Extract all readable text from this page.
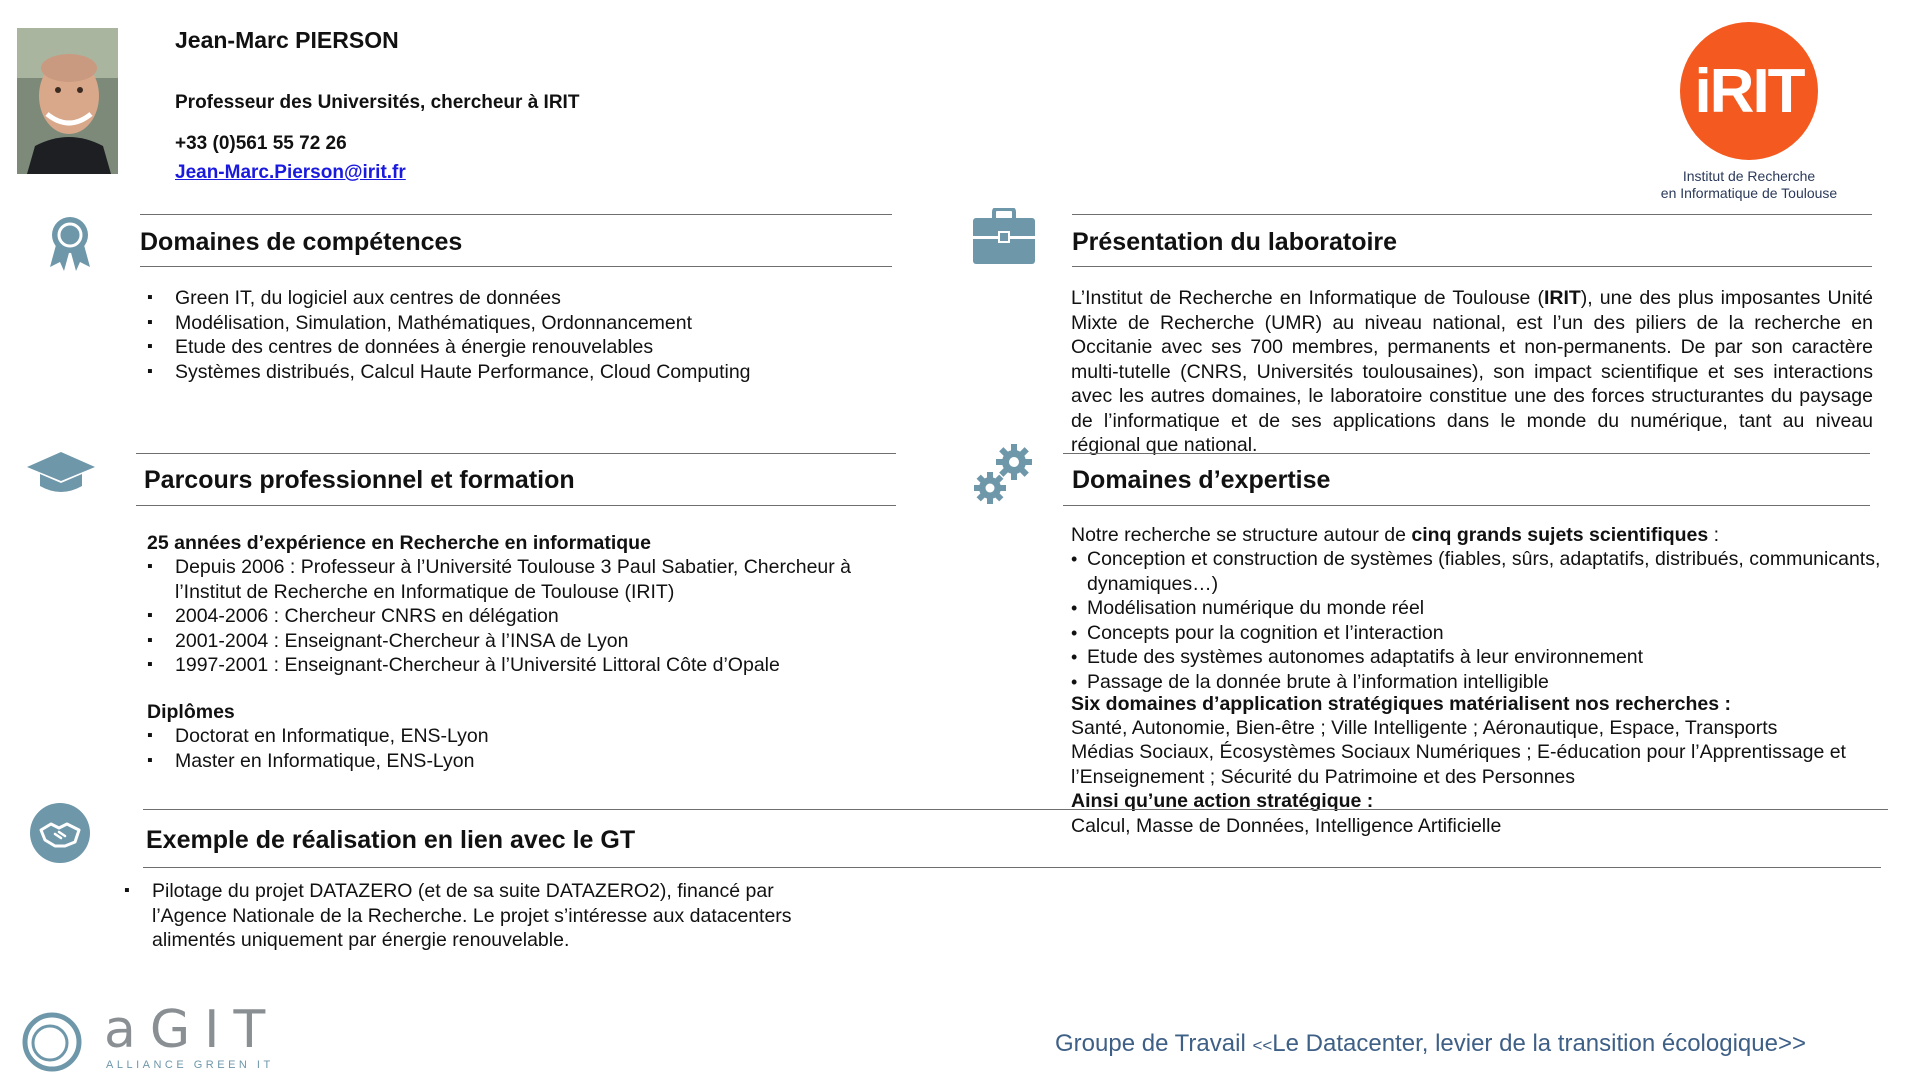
Jean-Marc PIERSON
Professeur des Universités, chercheur à IRIT
+33 (0)561 55 72 26
Jean-Marc.Pierson@irit.fr
iRIT
Institut de Recherche
en Informatique de Toulouse
Domaines de compétences
▪ Green IT, du logiciel aux centres de données
▪ Modélisation, Simulation, Mathématiques, Ordonnancement
▪ Etude des centres de données à énergie renouvelables
▪ Systèmes distribués, Calcul Haute Performance, Cloud Computing
Présentation du laboratoire
L’Institut de Recherche en Informatique de Toulouse (IRIT), une des plus imposantes Unité Mixte de Recherche (UMR) au niveau national, est l’un des piliers de la recherche en Occitanie avec ses 700 membres, permanents et non-permanents. De par son caractère multi-tutelle (CNRS, Universités toulousaines), son impact scientifique et ses interactions avec les autres domaines, le laboratoire constitue une des forces structurantes du paysage de l’informatique et de ses applications dans le monde du numérique, tant au niveau régional que national.
Parcours professionnel et formation
25 années d’expérience en Recherche en informatique
▪ Depuis 2006 : Professeur à l’Université Toulouse 3 Paul Sabatier, Chercheur à l’Institut de Recherche en Informatique de Toulouse (IRIT)
▪ 2004-2006 : Chercheur CNRS en délégation
▪ 2001-2004 : Enseignant-Chercheur à l’INSA de Lyon
▪ 1997-2001 : Enseignant-Chercheur à l’Université Littoral Côte d’Opale
Diplômes
▪ Doctorat en Informatique, ENS-Lyon
▪ Master en Informatique, ENS-Lyon
Domaines d’expertise
Notre recherche se structure autour de cinq grands sujets scientifiques :
• Conception et construction de systèmes (fiables, sûrs, adaptatifs, distribués, communicants, dynamiques…)
• Modélisation numérique du monde réel
• Concepts pour la cognition et l’interaction
• Etude des systèmes autonomes adaptatifs à leur environnement
• Passage de la donnée brute à l’information intelligible
Six domaines d’application stratégiques matérialisent nos recherches :
Santé, Autonomie, Bien-être ; Ville Intelligente ; Aéronautique, Espace, Transports
Médias Sociaux, Écosystèmes Sociaux Numériques ; E-éducation pour l’Apprentissage et l’Enseignement ; Sécurité du Patrimoine et des Personnes
Ainsi qu’une action stratégique :
Calcul, Masse de Données, Intelligence Artificielle
Exemple de réalisation en lien avec le GT
▪ Pilotage du projet DATAZERO (et de sa suite DATAZERO2), financé par l’Agence Nationale de la Recherche. Le projet s’intéresse aux datacenters alimentés uniquement par énergie renouvelable.
aGIT
ALLIANCE GREEN IT
Groupe de Travail <<Le Datacenter, levier de la transition écologique>>
